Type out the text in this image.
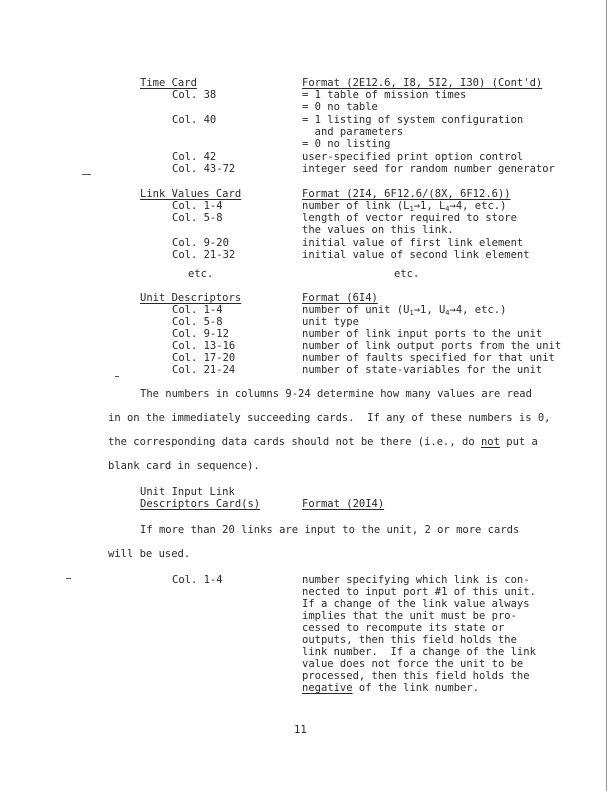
Time Card	Format (2E12.6, I8, 5I2, I30) (Cont'd)
Col. 38	= 1 table of mission times
= 0 no table
Col. 40	= 1 listing of system configuration
and parameters
= 0 no listing
Col. 42	user-specified print option control
Col. 43-72	integer seed for random number generator
Link Values Card	Format (2I4, 6F12.6/(8X, 6F12.6))
Col. 1-4	number of link ($L_1\to 1$, $L_4\to 4$, etc.)
Col. 5-8	length of vector required to store
the values on this link.
Col. 9-20	initial value of first link element
Col. 21-32	initial value of second link element
etc.	etc.
Unit Descriptors	Format (6I4)
Col. 1-4	number of unit ($U_1\to 1$, $U_4\to 4$, etc.)
Col. 5-8	unit type
Col. 9-12	number of link input ports to the unit
Col. 13-16	number of link output ports from the unit
Col. 17-20	number of faults specified for that unit
Col. 21-24	number of state-variables for the unit
The numbers in columns 9-24 determine how many values are read
in on the immediately succeeding cards.  If any of these numbers is 0,
the corresponding data cards should not be there (i.e., do not put a
blank card in sequence).
Unit Input Link
Descriptors Card(s)	Format (20I4)
If more than 20 links are input to the unit, 2 or more cards
will be used.
Col. 1-4	number specifying which link is con-
nected to input port #1 of this unit.
If a change of the link value always
implies that the unit must be pro-
cessed to recompute its state or
outputs, then this field holds the
link number.  If a change of the link
value does not force the unit to be
processed, then this field holds the
negative of the link number.
11
